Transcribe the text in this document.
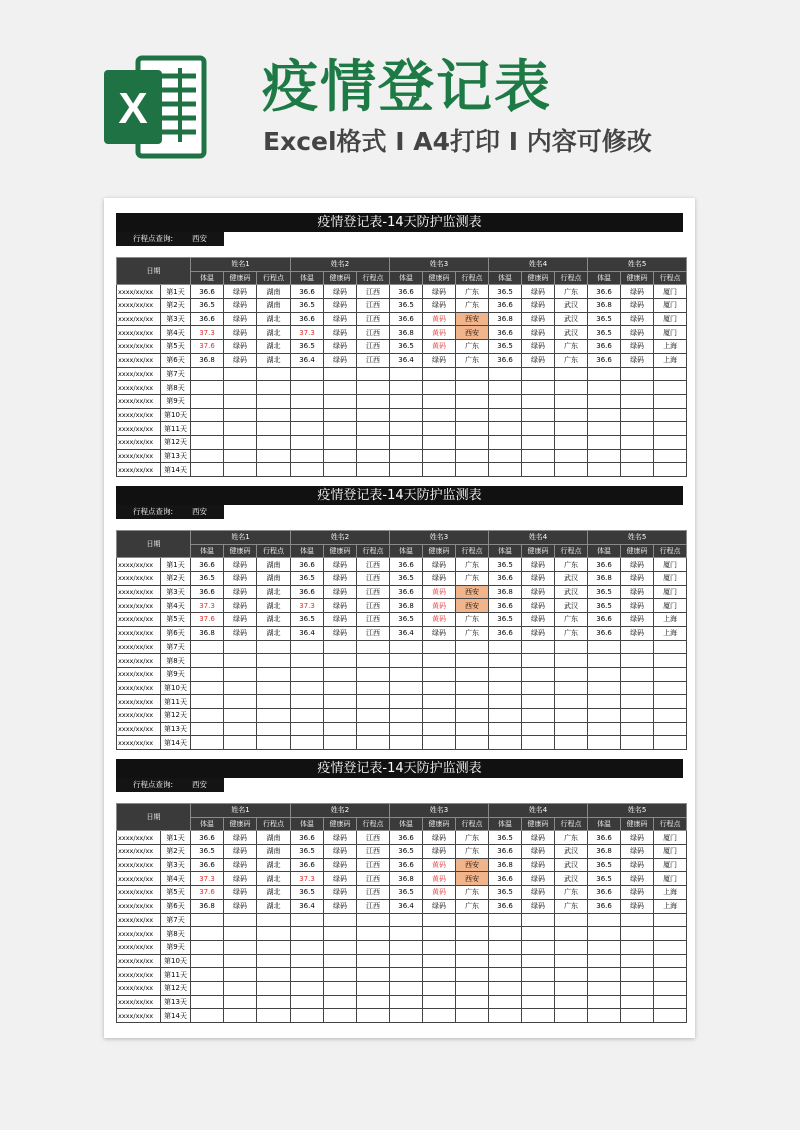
X 疫情登记表
Excel格式 Ⅰ A4打印 Ⅰ 内容可修改
疫情登记表-14天防护监测表
行程点查询:	西安
日期		姓名1			姓名2			姓名3			姓名4			姓名5		
		体温	健康码	行程点	体温	健康码	行程点	体温	健康码	行程点	体温	健康码	行程点	体温	健康码	行程点
xxxx/xx/xx	第1天	36.6	绿码	湖南	36.6	绿码	江西	36.6	绿码	广东	36.5	绿码	广东	36.6	绿码	厦门
xxxx/xx/xx	第2天	36.5	绿码	湖南	36.5	绿码	江西	36.5	绿码	广东	36.6	绿码	武汉	36.8	绿码	厦门
xxxx/xx/xx	第3天	36.6	绿码	湖北	36.6	绿码	江西	36.6	黄码	西安	36.8	绿码	武汉	36.5	绿码	厦门
xxxx/xx/xx	第4天	37.3	绿码	湖北	37.3	绿码	江西	36.8	黄码	西安	36.6	绿码	武汉	36.5	绿码	厦门
xxxx/xx/xx	第5天	37.6	绿码	湖北	36.5	绿码	江西	36.5	黄码	广东	36.5	绿码	广东	36.6	绿码	上海
xxxx/xx/xx	第6天	36.8	绿码	湖北	36.4	绿码	江西	36.4	绿码	广东	36.6	绿码	广东	36.6	绿码	上海
xxxx/xx/xx	第7天															
xxxx/xx/xx	第8天															
xxxx/xx/xx	第9天															
xxxx/xx/xx	第10天															
xxxx/xx/xx	第11天															
xxxx/xx/xx	第12天															
xxxx/xx/xx	第13天															
xxxx/xx/xx	第14天															
疫情登记表-14天防护监测表
行程点查询:	西安
日期		姓名1			姓名2			姓名3			姓名4			姓名5		
		体温	健康码	行程点	体温	健康码	行程点	体温	健康码	行程点	体温	健康码	行程点	体温	健康码	行程点
xxxx/xx/xx	第1天	36.6	绿码	湖南	36.6	绿码	江西	36.6	绿码	广东	36.5	绿码	广东	36.6	绿码	厦门
xxxx/xx/xx	第2天	36.5	绿码	湖南	36.5	绿码	江西	36.5	绿码	广东	36.6	绿码	武汉	36.8	绿码	厦门
xxxx/xx/xx	第3天	36.6	绿码	湖北	36.6	绿码	江西	36.6	黄码	西安	36.8	绿码	武汉	36.5	绿码	厦门
xxxx/xx/xx	第4天	37.3	绿码	湖北	37.3	绿码	江西	36.8	黄码	西安	36.6	绿码	武汉	36.5	绿码	厦门
xxxx/xx/xx	第5天	37.6	绿码	湖北	36.5	绿码	江西	36.5	黄码	广东	36.5	绿码	广东	36.6	绿码	上海
xxxx/xx/xx	第6天	36.8	绿码	湖北	36.4	绿码	江西	36.4	绿码	广东	36.6	绿码	广东	36.6	绿码	上海
xxxx/xx/xx	第7天															
xxxx/xx/xx	第8天															
xxxx/xx/xx	第9天															
xxxx/xx/xx	第10天															
xxxx/xx/xx	第11天															
xxxx/xx/xx	第12天															
xxxx/xx/xx	第13天															
xxxx/xx/xx	第14天															
疫情登记表-14天防护监测表
行程点查询:	西安
日期		姓名1			姓名2			姓名3			姓名4			姓名5		
		体温	健康码	行程点	体温	健康码	行程点	体温	健康码	行程点	体温	健康码	行程点	体温	健康码	行程点
xxxx/xx/xx	第1天	36.6	绿码	湖南	36.6	绿码	江西	36.6	绿码	广东	36.5	绿码	广东	36.6	绿码	厦门
xxxx/xx/xx	第2天	36.5	绿码	湖南	36.5	绿码	江西	36.5	绿码	广东	36.6	绿码	武汉	36.8	绿码	厦门
xxxx/xx/xx	第3天	36.6	绿码	湖北	36.6	绿码	江西	36.6	黄码	西安	36.8	绿码	武汉	36.5	绿码	厦门
xxxx/xx/xx	第4天	37.3	绿码	湖北	37.3	绿码	江西	36.8	黄码	西安	36.6	绿码	武汉	36.5	绿码	厦门
xxxx/xx/xx	第5天	37.6	绿码	湖北	36.5	绿码	江西	36.5	黄码	广东	36.5	绿码	广东	36.6	绿码	上海
xxxx/xx/xx	第6天	36.8	绿码	湖北	36.4	绿码	江西	36.4	绿码	广东	36.6	绿码	广东	36.6	绿码	上海
xxxx/xx/xx	第7天															
xxxx/xx/xx	第8天															
xxxx/xx/xx	第9天															
xxxx/xx/xx	第10天															
xxxx/xx/xx	第11天															
xxxx/xx/xx	第12天															
xxxx/xx/xx	第13天															
xxxx/xx/xx	第14天															
